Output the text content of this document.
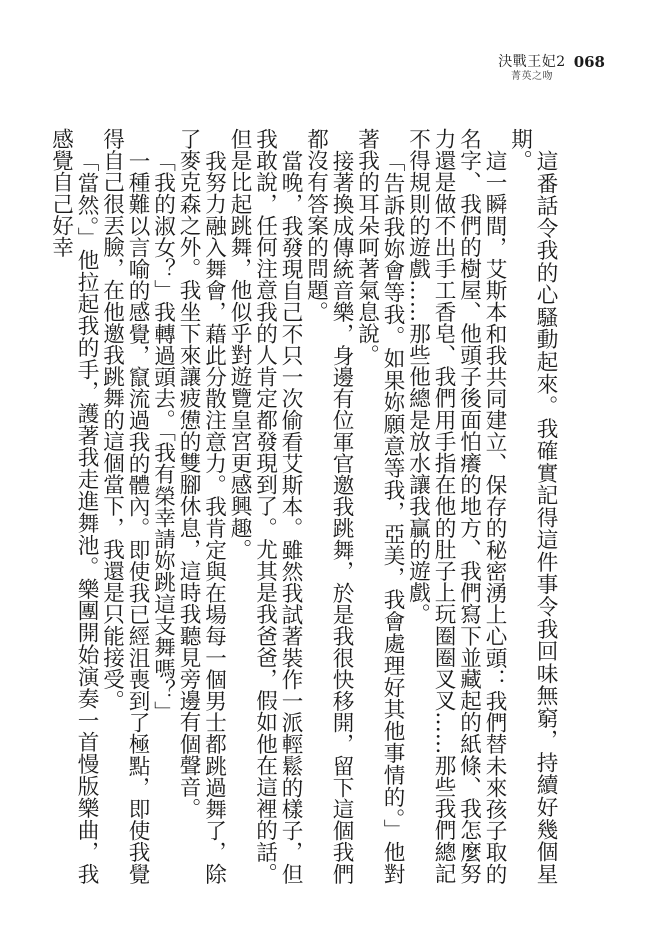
決戰王妃2
菁英之吻
068

這番話令我的心騷動起來。我確實記得這件事令我回味無窮，持續好幾個星期。

這一瞬間，艾斯本和我共同建立、保存的秘密湧上心頭：我們替未來孩子取的名字、我們的樹屋、他頭子後面怕癢的地方、我們寫下並藏起的紙條、我怎麼努力還是做不出手工香皂、我們用手指在他的肚子上玩圈圈叉叉……那些我們總記不得規則的遊戲……那些他總是放水讓我贏的遊戲。

「告訴我妳會等我。如果妳願意等我，亞美，我會處理好其他事情的。」他對著我的耳朵呵著氣息說。

接著換成傳統音樂，身邊有位軍官邀我跳舞，於是我很快移開，留下這個我們都沒有答案的問題。

當晚，我發現自己不只一次偷看艾斯本。雖然我試著裝作一派輕鬆的樣子，但我敢說，任何注意我的人肯定都發現到了。尤其是我爸爸，假如他在這裡的話。但是比起跳舞，他似乎對遊覽皇宮更感興趣。

我努力融入舞會，藉此分散注意力。我肯定與在場每一個男士都跳過舞了，除了麥克森之外。我坐下來讓疲憊的雙腳休息，這時我聽見旁邊有個聲音。

「我的淑女？」我轉過頭去。「我有榮幸請妳跳這支舞嗎？」

一種難以言喻的感覺，竄流過我的體內。即使我已經沮喪到了極點，即使我覺得自己很丟臉，在他邀我跳舞的這個當下，我還是只能接受。

「當然。」他拉起我的手，護著我走進舞池。樂團開始演奏一首慢版樂曲，我感覺自己好幸
